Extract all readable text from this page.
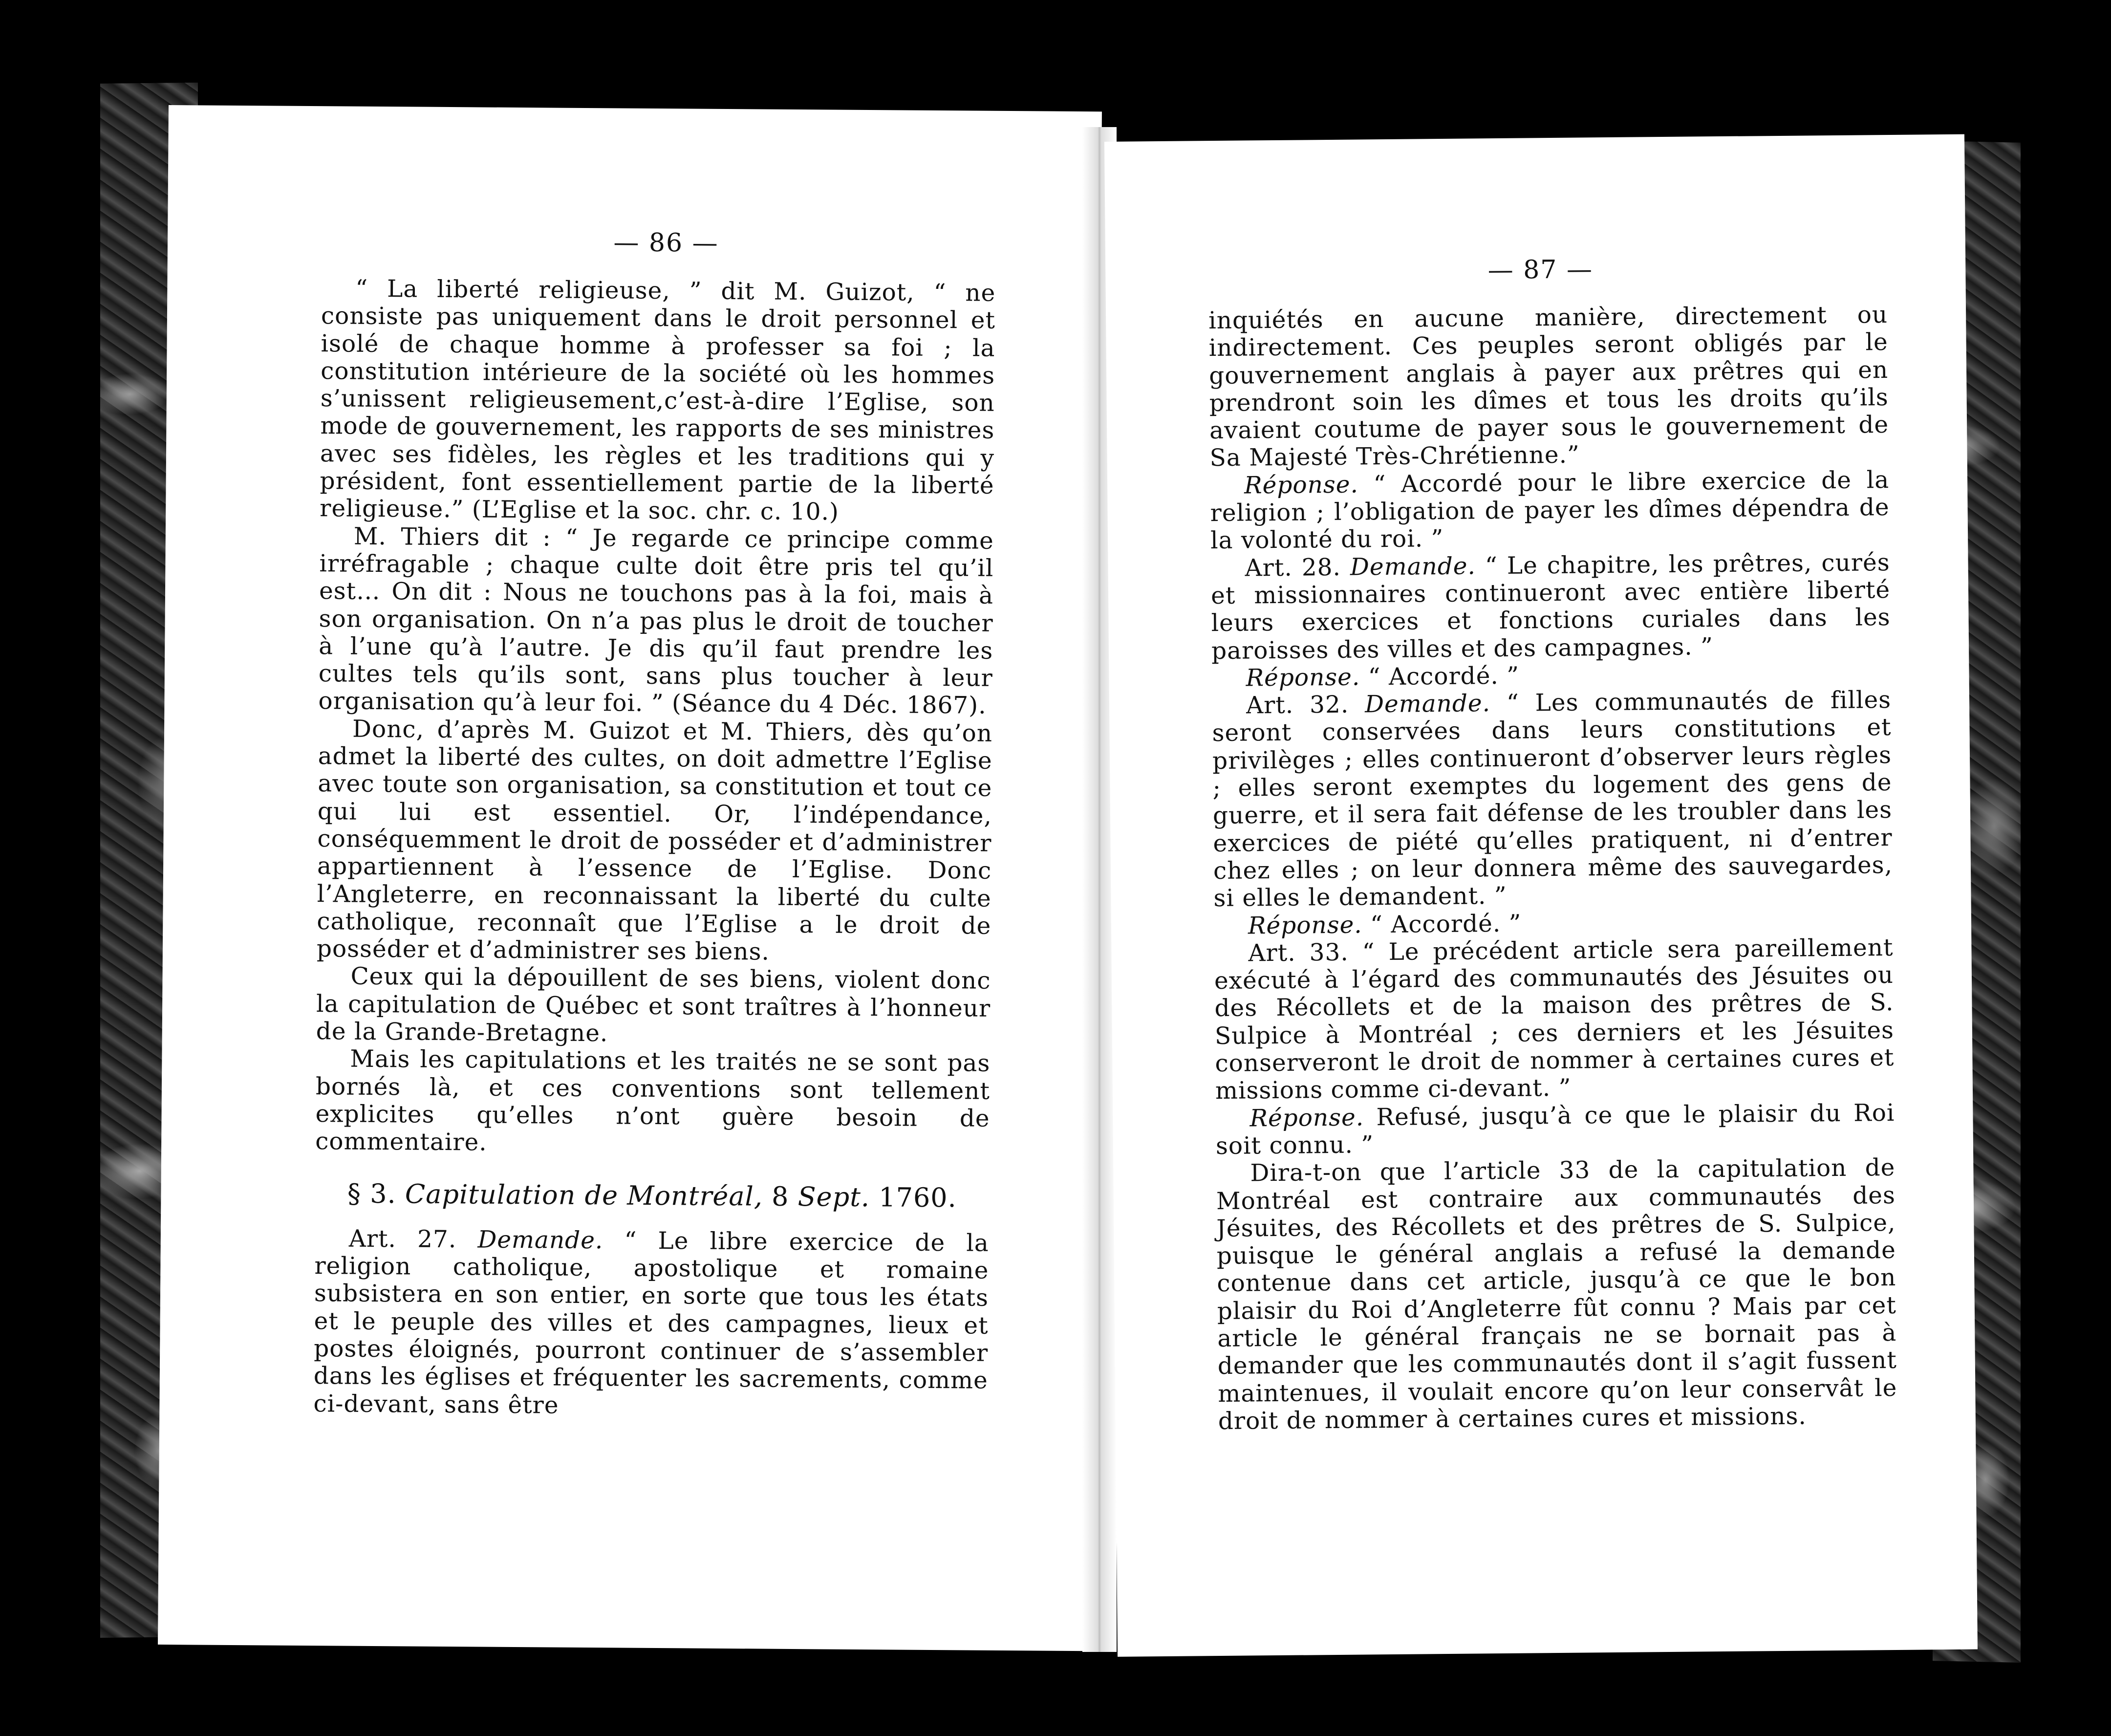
— 86 —

“ La liberté religieuse, ” dit M. Guizot, “ ne consiste pas uniquement dans le droit personnel et isolé de chaque homme à professer sa foi ; la constitution intérieure de la société où les hommes s’unissent religieusement,c’est-à-dire l’Eglise, son mode de gouvernement, les rapports de ses ministres avec ses fidèles, les règles et les traditions qui y président, font essentiellement partie de la liberté religieuse.” (L’Eglise et la soc. chr. c. 10.)

M. Thiers dit : “ Je regarde ce principe comme irréfragable ; chaque culte doit être pris tel qu’il est… On dit : Nous ne touchons pas à la foi, mais à son organisation. On n’a pas plus le droit de toucher à l’une qu’à l’autre. Je dis qu’il faut prendre les cultes tels qu’ils sont, sans plus toucher à leur organisation qu’à leur foi. ” (Séance du 4 Déc. 1867).

Donc, d’après M. Guizot et M. Thiers, dès qu’on admet la liberté des cultes, on doit admettre l’Eglise avec toute son organisation, sa constitution et tout ce qui lui est essentiel. Or, l’indépendance, conséquemment le droit de posséder et d’administrer appartiennent à l’essence de l’Eglise. Donc l’Angleterre, en reconnaissant la liberté du culte catholique, reconnaît que l’Eglise a le droit de posséder et d’administrer ses biens.

Ceux qui la dépouillent de ses biens, violent donc la capitulation de Québec et sont traîtres à l’honneur de la Grande-Bretagne.

Mais les capitulations et les traités ne se sont pas bornés là, et ces conventions sont tellement explicites qu’elles n’ont guère besoin de commentaire.

§ 3. Capitulation de Montréal, 8 Sept. 1760.

Art. 27. Demande. “ Le libre exercice de la religion catholique, apostolique et romaine subsistera en son entier, en sorte que tous les états et le peuple des villes et des campagnes, lieux et postes éloignés, pourront continuer de s’assembler dans les églises et fréquenter les sacrements, comme ci-devant, sans être

— 87 —

inquiétés en aucune manière, directement ou indirectement. Ces peuples seront obligés par le gouvernement anglais à payer aux prêtres qui en prendront soin les dîmes et tous les droits qu’ils avaient coutume de payer sous le gouvernement de Sa Majesté Très-Chrétienne.”

Réponse. “ Accordé pour le libre exercice de la religion ; l’obligation de payer les dîmes dépendra de la volonté du roi. ”

Art. 28. Demande. “ Le chapitre, les prêtres, curés et missionnaires continueront avec entière liberté leurs exercices et fonctions curiales dans les paroisses des villes et des campagnes. ”

Réponse. “ Accordé. ”

Art. 32. Demande. “ Les communautés de filles seront conservées dans leurs constitutions et privilèges ; elles continueront d’observer leurs règles ; elles seront exemptes du logement des gens de guerre, et il sera fait défense de les troubler dans les exercices de piété qu’elles pratiquent, ni d’entrer chez elles ; on leur donnera même des sauvegardes, si elles le demandent. ”

Réponse. “ Accordé. ”

Art. 33. “ Le précédent article sera pareillement exécuté à l’égard des communautés des Jésuites ou des Récollets et de la maison des prêtres de S. Sulpice à Montréal ; ces derniers et les Jésuites conserveront le droit de nommer à certaines cures et missions comme ci-devant. ”

Réponse. Refusé, jusqu’à ce que le plaisir du Roi soit connu. ”

Dira-t-on que l’article 33 de la capitulation de Montréal est contraire aux communautés des Jésuites, des Récollets et des prêtres de S. Sulpice, puisque le général anglais a refusé la demande contenue dans cet article, jusqu’à ce que le bon plaisir du Roi d’Angleterre fût connu ? Mais par cet article le général français ne se bornait pas à demander que les communautés dont il s’agit fussent maintenues, il voulait encore qu’on leur conservât le droit de nommer à certaines cures et missions.
